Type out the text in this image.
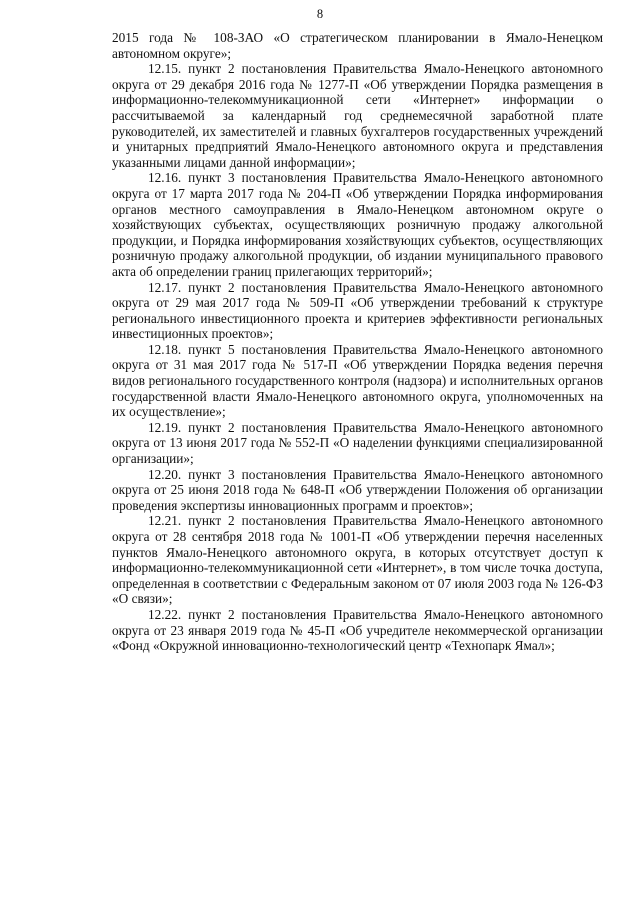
8

2015 года № 108-ЗАО «О стратегическом планировании в Ямало-Ненецком автономном округе»;

12.15. пункт 2 постановления Правительства Ямало-Ненецкого автономного округа от 29 декабря 2016 года № 1277-П «Об утверждении Порядка размещения в информационно-телекоммуникационной сети «Интернет» информации о рассчитываемой за календарный год среднемесячной заработной плате руководителей, их заместителей и главных бухгалтеров государственных учреждений и унитарных предприятий Ямало-Ненецкого автономного округа и представления указанными лицами данной информации»;

12.16. пункт 3 постановления Правительства Ямало-Ненецкого автономного округа от 17 марта 2017 года № 204-П «Об утверждении Порядка информирования органов местного самоуправления в Ямало-Ненецком автономном округе о хозяйствующих субъектах, осуществляющих розничную продажу алкогольной продукции, и Порядка информирования хозяйствующих субъектов, осуществляющих розничную продажу алкогольной продукции, об издании муниципального правового акта об определении границ прилегающих территорий»;

12.17. пункт 2 постановления Правительства Ямало-Ненецкого автономного округа от 29 мая 2017 года № 509-П «Об утверждении требований к структуре регионального инвестиционного проекта и критериев эффективности региональных инвестиционных проектов»;

12.18. пункт 5 постановления Правительства Ямало-Ненецкого автономного округа от 31 мая 2017 года № 517-П «Об утверждении Порядка ведения перечня видов регионального государственного контроля (надзора) и исполнительных органов государственной власти Ямало-Ненецкого автономного округа, уполномоченных на их осуществление»;

12.19. пункт 2 постановления Правительства Ямало-Ненецкого автономного округа от 13 июня 2017 года № 552-П «О наделении функциями специализированной организации»;

12.20. пункт 3 постановления Правительства Ямало-Ненецкого автономного округа от 25 июня 2018 года № 648-П «Об утверждении Положения об организации проведения экспертизы инновационных программ и проектов»;

12.21. пункт 2 постановления Правительства Ямало-Ненецкого автономного округа от 28 сентября 2018 года № 1001-П «Об утверждении перечня населенных пунктов Ямало-Ненецкого автономного округа, в которых отсутствует доступ к информационно-телекоммуникационной сети «Интернет», в том числе точка доступа, определенная в соответствии с Федеральным законом от 07 июля 2003 года № 126-ФЗ «О связи»;

12.22. пункт 2 постановления Правительства Ямало-Ненецкого автономного округа от 23 января 2019 года № 45-П «Об учредителе некоммерческой организации «Фонд «Окружной инновационно-технологический центр «Технопарк Ямал»;
